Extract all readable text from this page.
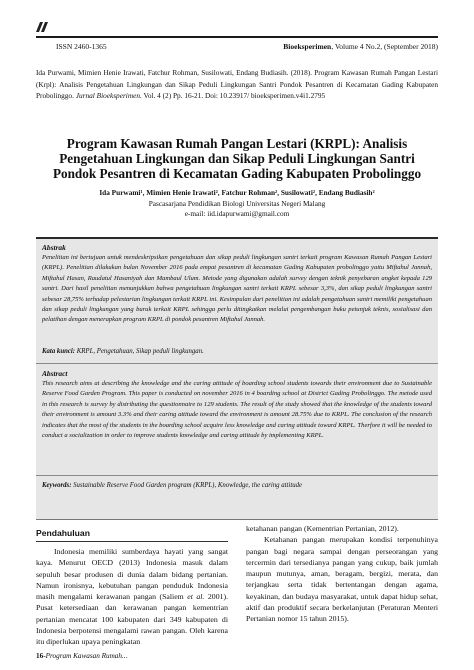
ISSN 2460-1365	Bioeksperimen, Volume 4 No.2, (September 2018)
Ida Purwami, Mimien Henie Irawati, Fatchur Rohman, Susilowati, Endang Budiasih. (2018). Program Kawasan Rumah Pangan Lestari (Krpl): Analisis Pengetahuan Lingkungan dan Sikap Peduli Lingkungan Santri Pondok Pesantren di Kecamatan Gading Kabupaten Probolinggo. Jurnal Bioeksperimen. Vol. 4 (2) Pp. 16-21. Doi: 10.23917/ bioeksperimen.v4i1.2795
Program Kawasan Rumah Pangan Lestari (KRPL): Analisis
Pengetahuan Lingkungan dan Sikap Peduli Lingkungan Santri
Pondok Pesantren di Kecamatan Gading Kabupaten Probolinggo
Ida Purwami¹, Mimien Henie Irawati², Fatchur Rohman², Susilowati², Endang Budiasih²
Pascasarjana Pendidikan Biologi Universitas Negeri Malang
e-mail: iid.idapurwami@gmail.com
Abstrak
Penelitian ini bertujuan untuk mendeskripsikan pengetahuan dan sikap peduli lingkungan santri terkait program Kawasan Rumah Pangan Lestari (KRPL). Penelitian dilakukan bulan November 2016 pada empat pesantren di kecamatan Gading Kabupaten probolinggo yaitu Miftahul Jannah, Miftahul Hasan, Raudatul Hasaniyah dan Mambaul Ulum. Metode yang digunakan adalah survey dengan teknik penyebaran angket kepada 129 santri. Dari hasil penelitian menunjukkan bahwa pengetahuan lingkungan santri terkait KRPL sebesar 3,3%, dan sikap peduli lingkungan santri sebesar 28,75% terhadap pelestarian lingkungan terkait KRPL ini. Kesimpulan dari penelitian ini adalah pengetahuan santri memiliki pengetahuan dan sikap peduli lingkungan yang buruk terkait KRPL sehingga perlu ditingkatkan melalui pengembangan buku petunjuk teknis, sosialisasi dan pelatihan dengan menerapkan program KRPL di pondok pesantren Miftahul Jannah.
Kata kunci: KRPL, Pengetahuan, Sikap peduli lingkungan.
Abstract
This research aims at describing the knowledge and the caring attitude of boarding school students towards their environment due to Sustainable Reserve Food Garden Program. This paper is conducted on november 2016 in 4 boarding school at District Gading Probolinggo. The metode used in this research is survey by distributing the questionnaire to 129 students. The result of the study showed that the knowledge of the students toward their environment is amount 3.3% and their caring attitude toward the environment is amount 28.75% due to KRPL. The conclusion of the research indicates that the most of the students in the boarding school acquire less knowledge and caring attitude toward KRPL. Therfore it will be needed to conduct a socialization in order to improve students knowledge and caring attitude by implementing KRPL.
Keywords: Sustainable Reserve Food Garden program (KRPL), Knowledge, the caring attitude
Pendahuluan

Indonesia memiliki sumberdaya hayati yang sangat kaya. Menurut OECD (2013) Indonesia masuk dalam sepuluh besar produsen di dunia dalam bidang pertanian. Namun ironisnya, kebutuhan pangan penduduk Indonesia masih mengalami kerawanan pangan (Saliem et al. 2001). Pusat ketersediaan dan kerawanan pangan kementrian pertanian mencatat 100 kabupaten dari 349 kabupaten di Indonesia berpotensi mengalami rawan pangan. Oleh karena itu diperlukan upaya peningkatan

ketahanan pangan (Kementrian Pertanian, 2012).

Ketahanan pangan merupakan kondisi terpenuhinya pangan bagi negara sampai dengan perseorangan yang tercermin dari tersedianya pangan yang cukup, baik jumlah maupun mutunya, aman, beragam, bergizi, merata, dan terjangkau serta tidak bertentangan dengan agama, keyakinan, dan budaya masyarakat, untuk dapat hidup sehat, aktif dan produktif secara berkelanjutan (Peraturan Menteri Pertanian nomor 15 tahun 2015).

16-Program Kawasan Rumah...
